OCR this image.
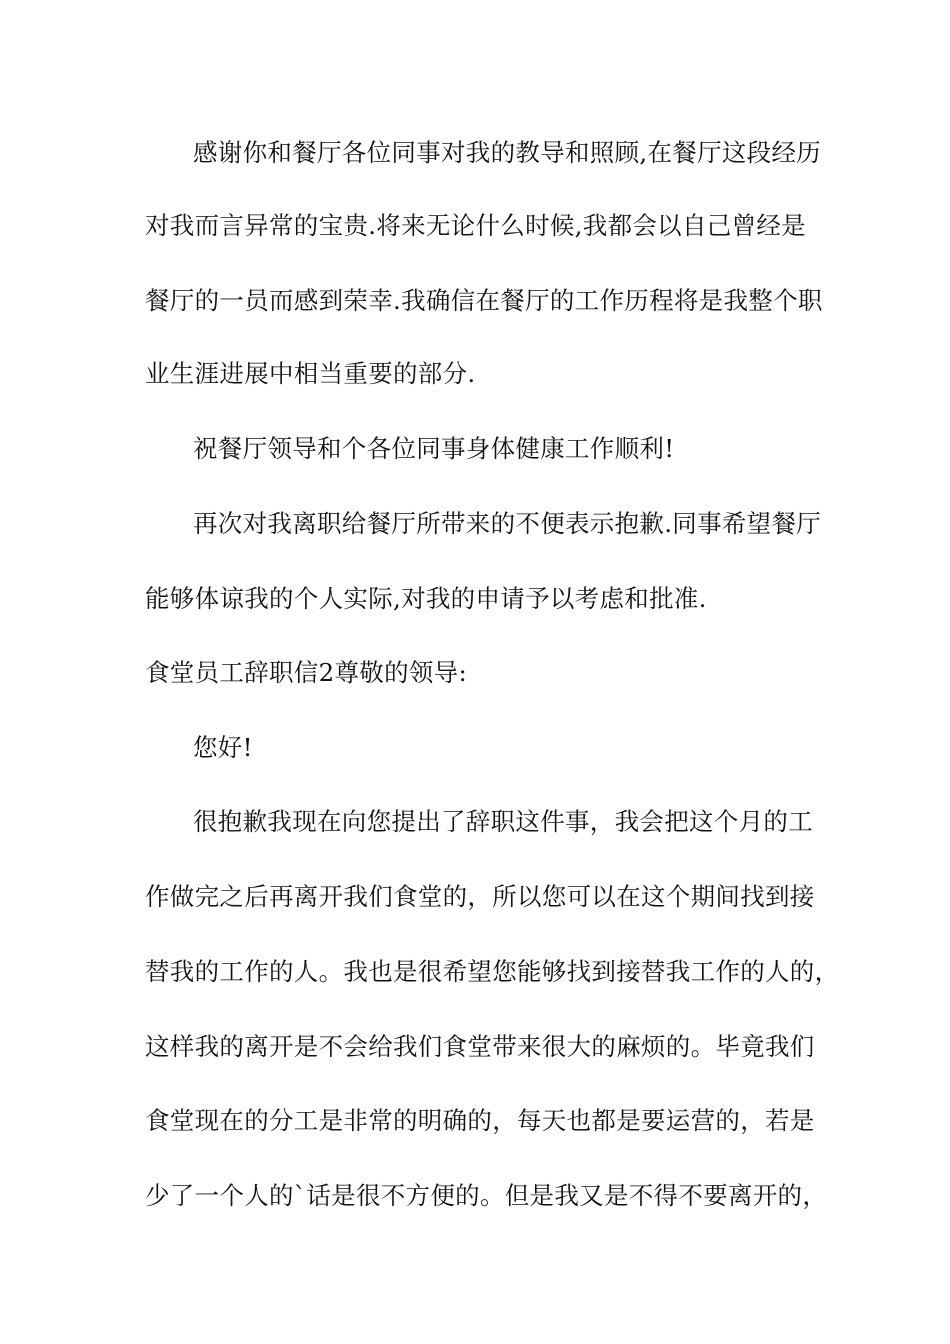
感谢你和餐厅各位同事对我的教导和照顾,在餐厅这段经历
对我而言异常的宝贵.将来无论什么时候,我都会以自己曾经是
餐厅的一员而感到荣幸.我确信在餐厅的工作历程将是我整个职
业生涯进展中相当重要的部分.
祝餐厅领导和个各位同事身体健康工作顺利!
再次对我离职给餐厅所带来的不便表示抱歉.同事希望餐厅
能够体谅我的个人实际,对我的申请予以考虑和批准.
食堂员工辞职信2尊敬的领导:
您好!
很抱歉我现在向您提出了辞职这件事，我会把这个月的工
作做完之后再离开我们食堂的，所以您可以在这个期间找到接
替我的工作的人。我也是很希望您能够找到接替我工作的人的，
这样我的离开是不会给我们食堂带来很大的麻烦的。毕竟我们
食堂现在的分工是非常的明确的，每天也都是要运营的，若是
少了一个人的`话是很不方便的。但是我又是不得不要离开的，
